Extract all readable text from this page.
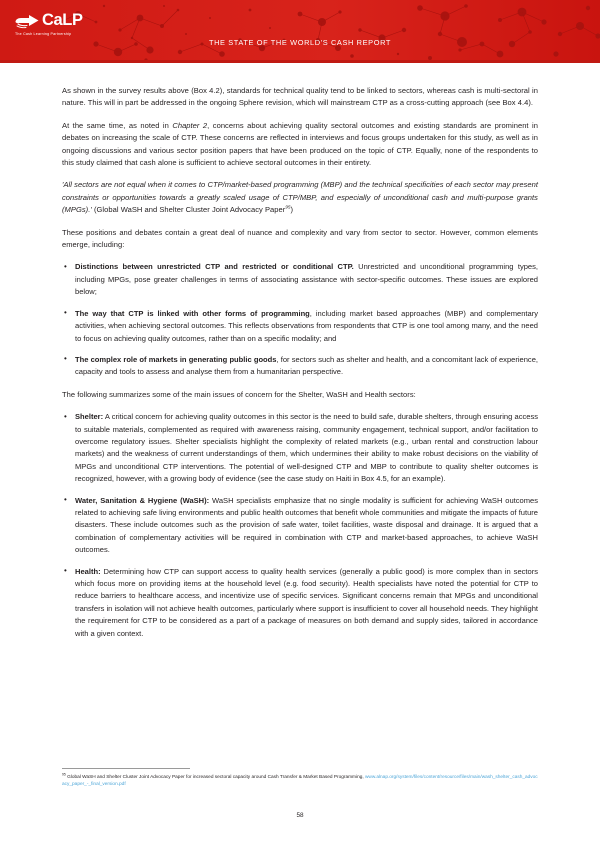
CaLP
The Cash Learning Partnership
THE STATE OF THE WORLD'S CASH REPORT

As shown in the survey results above (Box 4.2), standards for technical quality tend to be linked to sectors, whereas cash is multi-sectoral in nature. This will in part be addressed in the ongoing Sphere revision, which will mainstream CTP as a cross-cutting approach (see Box 4.4).

At the same time, as noted in Chapter 2, concerns about achieving quality sectoral outcomes and existing standards are prominent in debates on increasing the scale of CTP. These concerns are reflected in interviews and focus groups undertaken for this study, as well as in ongoing discussions and various sector position papers that have been produced on the topic of CTP. Equally, none of the respondents to this study claimed that cash alone is sufficient to achieve sectoral outcomes in their entirety.

'All sectors are not equal when it comes to CTP/market-based programming (MBP) and the technical specificities of each sector may present constraints or opportunities towards a greatly scaled usage of CTP/MBP, and especially of unconditional cash and multi-purpose grants (MPGs).' (Global WaSH and Shelter Cluster Joint Advocacy Paper$^{95}$)

These positions and debates contain a great deal of nuance and complexity and vary from sector to sector. However, common elements emerge, including:

• Distinctions between unrestricted CTP and restricted or conditional CTP. Unrestricted and unconditional programming types, including MPGs, pose greater challenges in terms of associating assistance with sector-specific outcomes. These issues are explored below;
• The way that CTP is linked with other forms of programming, including market based approaches (MBP) and complementary activities, when achieving sectoral outcomes. This reflects observations from respondents that CTP is one tool among many, and the need to focus on achieving quality outcomes, rather than on a specific modality; and
• The complex role of markets in generating public goods, for sectors such as shelter and health, and a concomitant lack of experience, capacity and tools to assess and analyse them from a humanitarian perspective.

The following summarizes some of the main issues of concern for the Shelter, WaSH and Health sectors:

• Shelter: A critical concern for achieving quality outcomes in this sector is the need to build safe, durable shelters, through ensuring access to suitable materials, complemented as required with awareness raising, community engagement, technical support, and/or facilitation to overcome regulatory issues. Shelter specialists highlight the complexity of related markets (e.g., urban rental and construction labour markets) and the weakness of current understandings of them, which undermines their ability to make robust decisions on the viability of MPGs and unconditional CTP interventions. The potential of well-designed CTP and MBP to contribute to quality shelter outcomes is recognized, however, with a growing body of evidence (see the case study on Haiti in Box 4.5, for an example).
• Water, Sanitation & Hygiene (WaSH): WaSH specialists emphasize that no single modality is sufficient for achieving WaSH outcomes related to achieving safe living environments and public health outcomes that benefit whole communities and mitigate the impacts of future disasters. These include outcomes such as the provision of safe water, toilet facilities, waste disposal and drainage. It is argued that a combination of complementary activities will be required in combination with CTP and market-based approaches, to achieve WaSH outcomes.
• Health: Determining how CTP can support access to quality health services (generally a public good) is more complex than in sectors which focus more on providing items at the household level (e.g. food security). Health specialists have noted the potential for CTP to reduce barriers to healthcare access, and incentivize use of specific services. Significant concerns remain that MPGs and unconditional transfers in isolation will not achieve health outcomes, particularly where support is insufficient to cover all household needs. They highlight the requirement for CTP to be considered as a part of a package of measures on both demand and supply sides, tailored in accordance with a given context.
$^{95}$ Global WaSH and Shelter Cluster Joint Advocacy Paper for increased sectoral capacity around Cash Transfer & Market Based Programming, www.alnap.org/system/files/content/resource/files/main/wash_shelter_cash_advocacy_paper_-_final_version.pdf
58
